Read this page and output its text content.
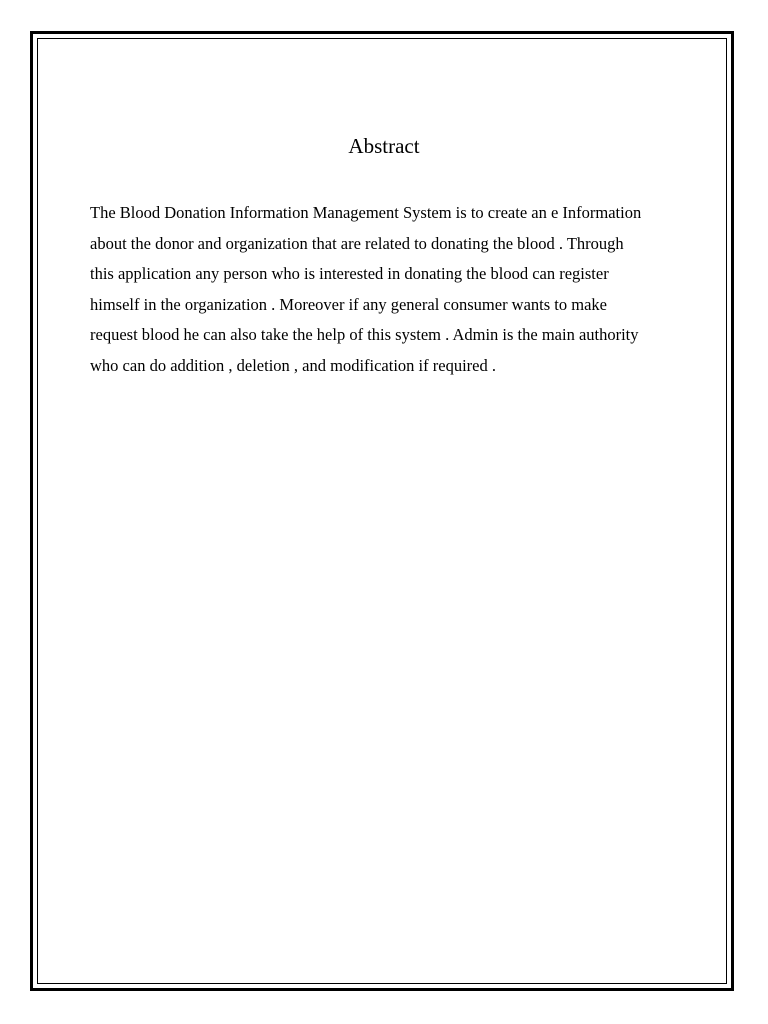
Abstract
The Blood Donation Information Management System is to create an e Information
about the donor and organization that are related to donating the blood . Through
this application any person who is interested in donating the blood can register
himself in the organization . Moreover if any general consumer wants to make
request blood he can also take the help of this system . Admin is the main authority
who can do addition , deletion , and modification if required .
